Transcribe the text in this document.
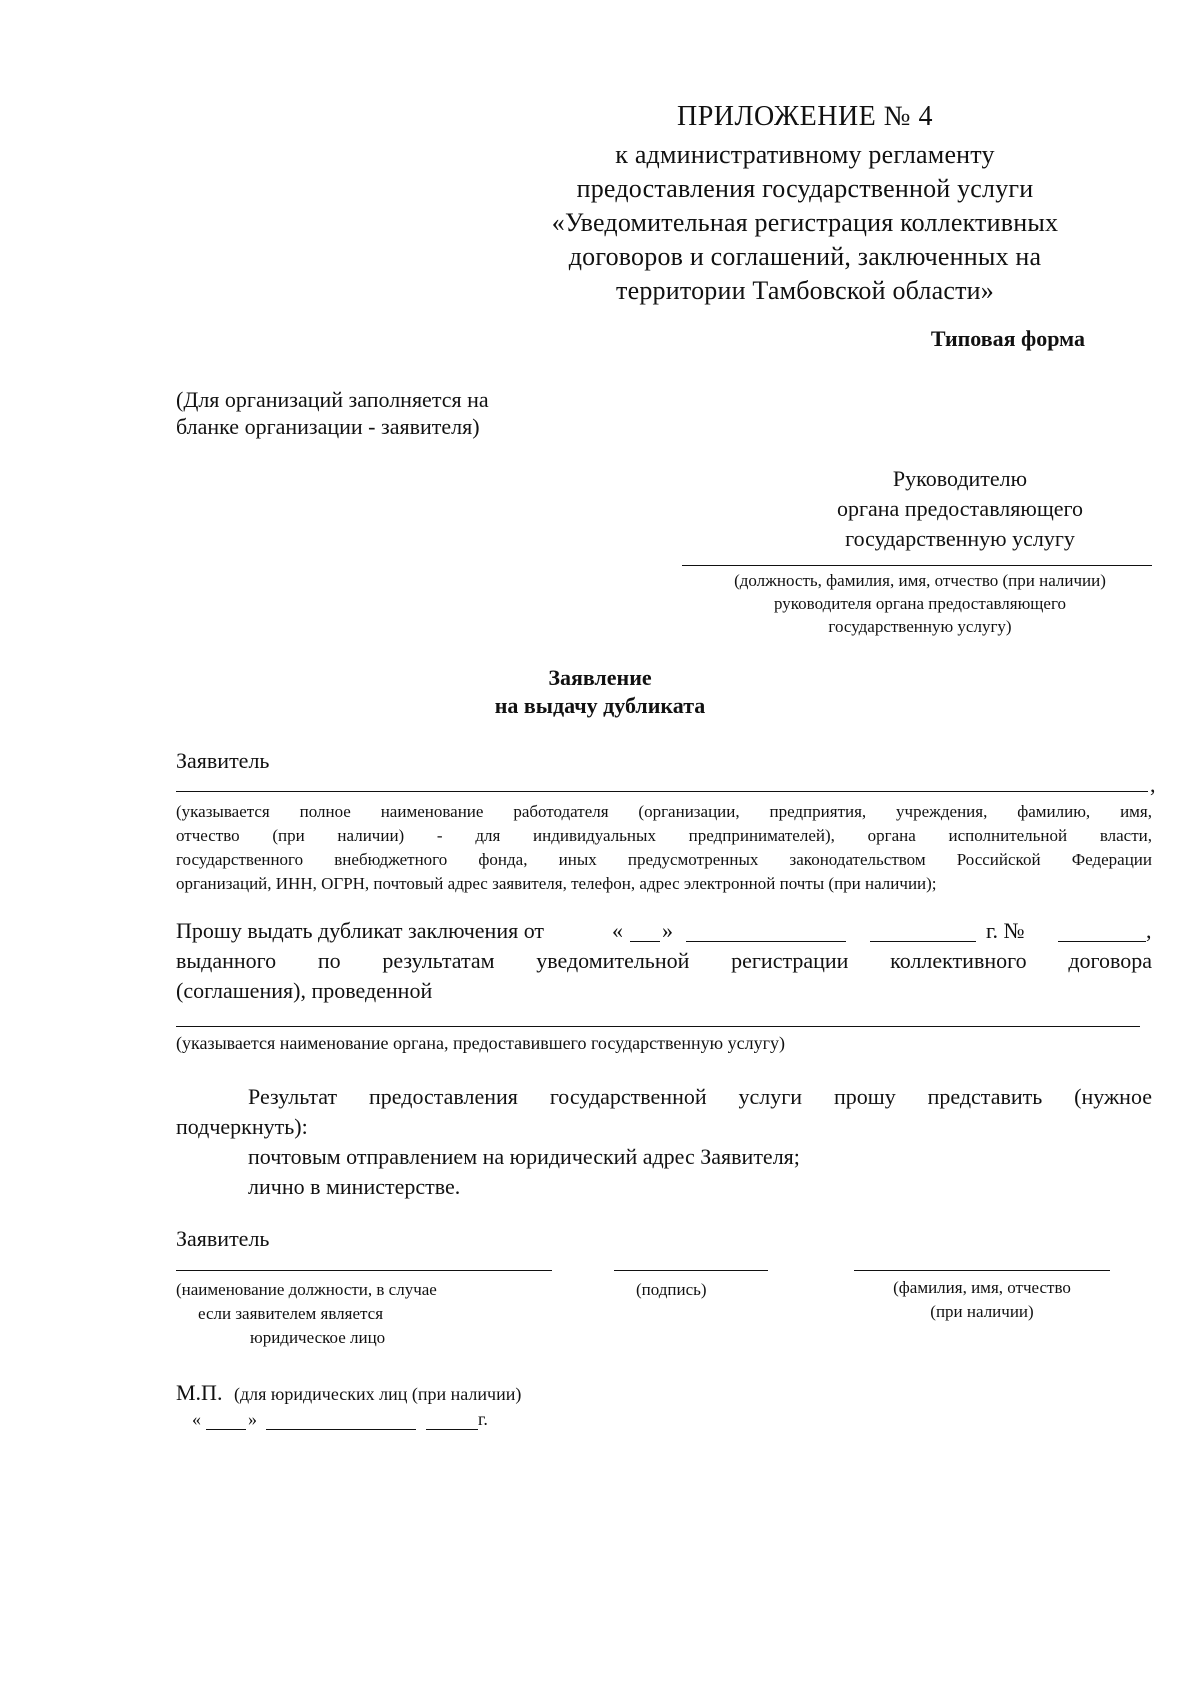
ПРИЛОЖЕНИЕ № 4
к административному регламенту
предоставления государственной услуги
«Уведомительная регистрация коллективных
договоров и соглашений, заключенных на
территории Тамбовской области»
Типовая форма
(Для организаций заполняется на
бланке организации - заявителя)
Руководителю
органа предоставляющего
государственную услугу
(должность, фамилия, имя, отчество (при наличии)
руководителя органа предоставляющего
государственную услугу)
Заявление
на выдачу дубликата
Заявитель
,
(указывается полное наименование работодателя (организации, предприятия, учреждения, фамилию, имя,
отчество (при наличии) - для индивидуальных предпринимателей), органа исполнительной власти,
государственного внебюджетного фонда, иных предусмотренных законодательством Российской Федерации
организаций, ИНН, ОГРН, почтовый адрес заявителя, телефон, адрес электронной почты (при наличии);
Прошу выдать дубликат заключения от	« »	г. №	,
выданного по результатам уведомительной регистрации коллективного договора
(соглашения), проведенной
(указывается наименование органа, предоставившего государственную услугу)
Результат предоставления государственной услуги прошу представить (нужное
подчеркнуть):
почтовым отправлением на юридический адрес Заявителя;
лично в министерстве.
Заявитель
(наименование должности, в случае
если заявителем является
юридическое лицо
(подпись)	(фамилия, имя, отчество
(при наличии)
М.П. (для юридических лиц (при наличии)
«	»	г.
